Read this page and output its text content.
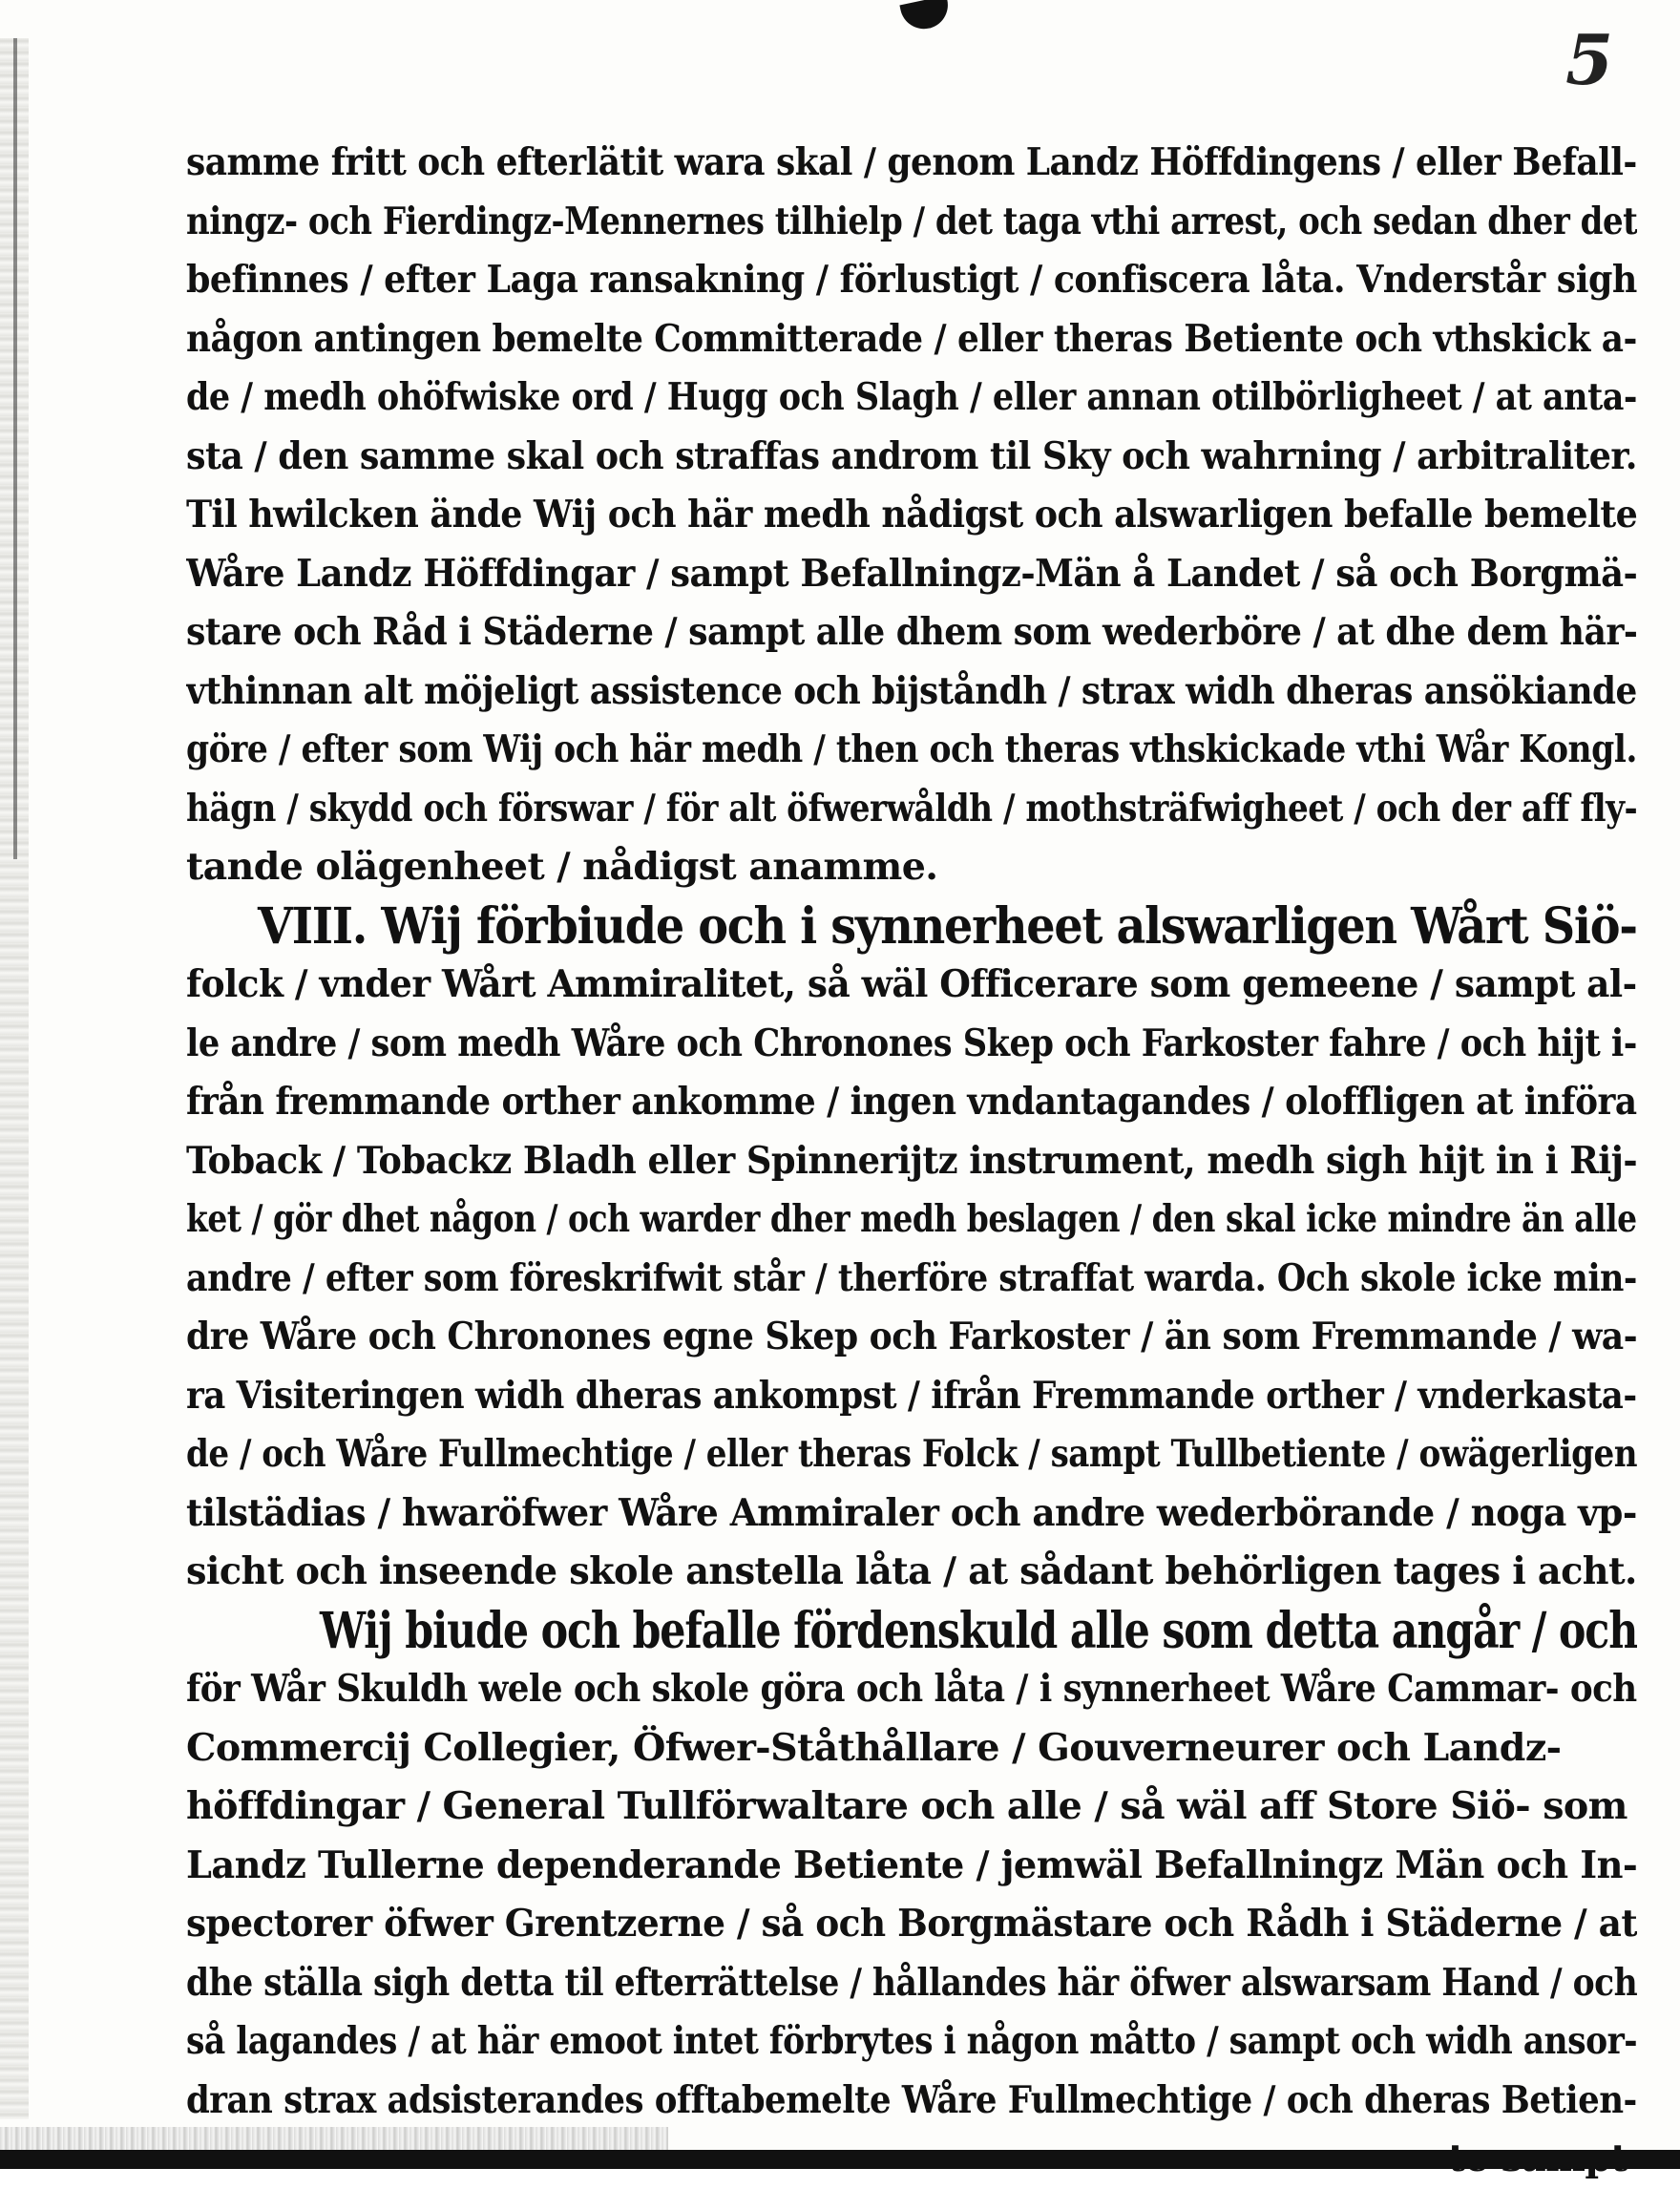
5
samme fritt och efterlätit wara skal / genom Landz Höffdingens / eller Befall-
ningz- och Fierdingz-Mennernes tilhielp / det taga vthi arrest, och sedan dher det
befinnes / efter Laga ransakning / förlustigt / confiscera låta. Vnderstår sigh
någon antingen bemelte Committerade / eller theras Betiente och vthskick a-
de / medh ohöfwiske ord / Hugg och Slagh / eller annan otilbörligheet / at anta-
sta / den samme skal och straffas androm til Sky och wahrning / arbitraliter.
Til hwilcken ände Wij och här medh nådigst och alswarligen befalle bemelte
Wåre Landz Höffdingar / sampt Befallningz-Män å Landet / så och Borgmä-
stare och Råd i Städerne / sampt alle dhem som wederböre / at dhe dem här-
vthinnan alt möjeligt assistence och bijståndh / strax widh dheras ansökiande
göre / efter som Wij och här medh / then och theras vthskickade vthi Wår Kongl.
hägn / skydd och förswar / för alt öfwerwåldh / mothsträfwigheet / och der aff fly-
tande olägenheet / nådigst anamme.
VIII. Wij förbiude och i synnerheet alswarligen Wårt Siö-
folck / vnder Wårt Ammiralitet, så wäl Officerare som gemeene / sampt al-
le andre / som medh Wåre och Chronones Skep och Farkoster fahre / och hijt i-
från fremmande orther ankomme / ingen vndantagandes / oloffligen at införa
Toback / Tobackz Bladh eller Spinnerijtz instrument, medh sigh hijt in i Rij-
ket / gör dhet någon / och warder dher medh beslagen / den skal icke mindre än alle
andre / efter som föreskrifwit står / therföre straffat warda. Och skole icke min-
dre Wåre och Chronones egne Skep och Farkoster / än som Fremmande / wa-
ra Visiteringen widh dheras ankompst / ifrån Fremmande orther / vnderkasta-
de / och Wåre Fullmechtige / eller theras Folck / sampt Tullbetiente / owägerligen
tilstädias / hwaröfwer Wåre Ammiraler och andre wederbörande / noga vp-
sicht och inseende skole anstella låta / at sådant behörligen tages i acht.
Wij biude och befalle fördenskuld alle som detta angår / och
för Wår Skuldh wele och skole göra och låta / i synnerheet Wåre Cammar- och
Commercij Collegier, Öfwer-Ståthållare / Gouverneurer och Landz-
höffdingar / General Tullförwaltare och alle / så wäl aff Store Siö- som
Landz Tullerne dependerande Betiente / jemwäl Befallningz Män och In-
spectorer öfwer Grentzerne / så och Borgmästare och Rådh i Städerne / at
dhe ställa sigh detta til efterrättelse / hållandes här öfwer alswarsam Hand / och
så lagandes / at här emoot intet förbrytes i någon måtto / sampt och widh ansor-
dran strax adsisterandes offtabemelte Wåre Fullmechtige / och dheras Betien-
